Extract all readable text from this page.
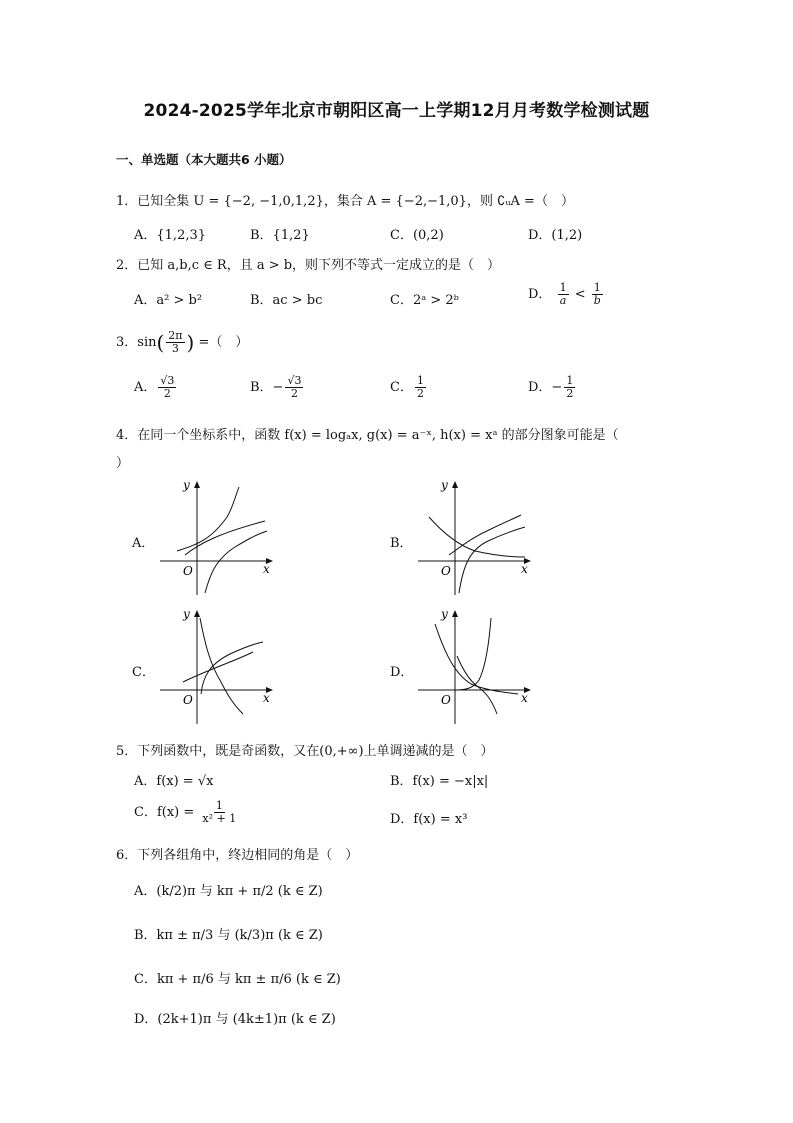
2024-2025学年北京市朝阳区高一上学期12月月考数学检测试题
一、单选题（本大题共6 小题）
1．已知全集 U = {−2, −1,0,1,2}，集合 A = {−2,−1,0}，则 ∁ᵤA =（　）
A．{1,2,3}	B．{1,2}	C．(0,2)	D．(1,2)
2．已知 a,b,c ∈ R，且 a > b，则下列不等式一定成立的是（　）
A．a² > b²	B．ac > bc	C．2ᵃ > 2ᵇ	D． $\frac{1}{a} < \frac{1}{b}$
3．$\sin( \frac{2\pi}{3}$ ) =（　）
A． $\frac{√3}{2}$	B．− $\frac{√3}{2}$	C． $\frac{1}{2}$	D．− $\frac{1}{2}$
4．在同一个坐标系中，函数 f(x) = logₐx, g(x) = a⁻ˣ, h(x) = xᵃ 的部分图象可能是（
）
A．	B．
C．	D．
y
x
O
y
x
O
y
x
O
y
x
O
5．下列函数中，既是奇函数，又在(0,+∞)上单调递减的是（　）
A．f(x) = √x	B．f(x) = −x|x|
C．$f(x) = \frac{1}{\text{x² + 1}}$	D．f(x) = x³
6．下列各组角中，终边相同的角是（　）
A．(k/2)π 与 kπ + π/2 (k ∈ Z)
B．kπ ± π/3 与 (k/3)π (k ∈ Z)
C．kπ + π/6 与 kπ ± π/6 (k ∈ Z)
D．(2k+1)π 与 (4k±1)π (k ∈ Z)
